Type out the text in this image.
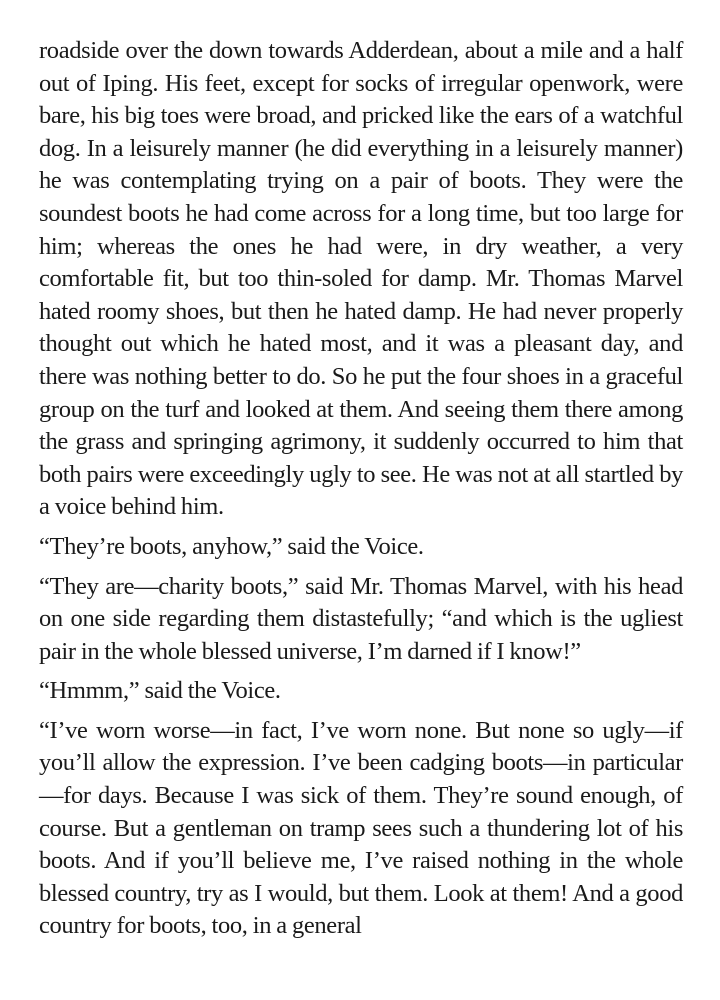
roadside over the down towards Adderdean, about a mile and a half out of Iping. His feet, except for socks of irregular openwork, were bare, his big toes were broad, and pricked like the ears of a watchful dog. In a leisurely manner (he did everything in a leisurely manner) he was contemplating trying on a pair of boots. They were the soundest boots he had come across for a long time, but too large for him; whereas the ones he had were, in dry weather, a very comfortable fit, but too thin-soled for damp. Mr. Thomas Marvel hated roomy shoes, but then he hated damp. He had never properly thought out which he hated most, and it was a pleasant day, and there was nothing better to do. So he put the four shoes in a graceful group on the turf and looked at them. And seeing them there among the grass and springing agrimony, it suddenly occurred to him that both pairs were exceedingly ugly to see. He was not at all startled by a voice behind him.

“They’re boots, anyhow,” said the Voice.

“They are—charity boots,” said Mr. Thomas Marvel, with his head on one side regarding them distastefully; “and which is the ugliest pair in the whole blessed universe, I’m darned if I know!”

“Hmmm,” said the Voice.

“I’ve worn worse—in fact, I’ve worn none. But none so ugly—if you’ll allow the expression. I’ve been cadging boots—in particular—for days. Because I was sick of them. They’re sound enough, of course. But a gentleman on tramp sees such a thundering lot of his boots. And if you’ll believe me, I’ve raised nothing in the whole blessed country, try as I would, but them. Look at them! And a good country for boots, too, in a general
